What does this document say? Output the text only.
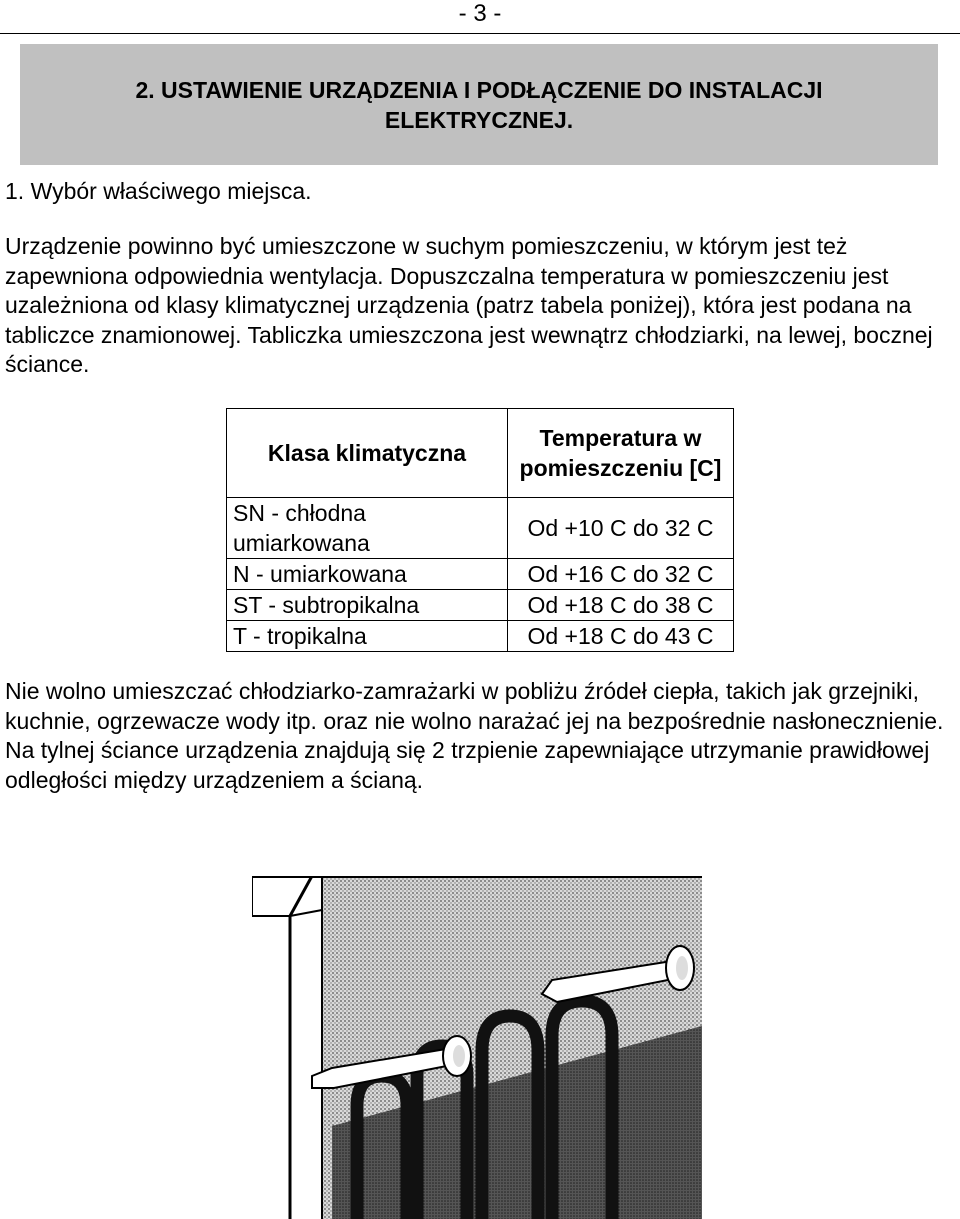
- 3 -
2. USTAWIENIE URZĄDZENIA I PODŁĄCZENIE DO INSTALACJI
ELEKTRYCZNEJ.
1. Wybór właściwego miejsca.
Urządzenie powinno być umieszczone w suchym pomieszczeniu, w którym jest też zapewniona odpowiednia wentylacja. Dopuszczalna temperatura w pomieszczeniu jest uzależniona od klasy klimatycznej urządzenia (patrz tabela poniżej), która jest podana na tabliczce znamionowej. Tabliczka umieszczona jest wewnątrz chłodziarki, na lewej, bocznej ściance.
Klasa klimatyczna	Temperatura w pomieszczeniu [C]
SN - chłodna umiarkowana	Od +10 C do 32 C
N - umiarkowana	Od +16 C do 32 C
ST - subtropikalna	Od +18 C do 38 C
T - tropikalna	Od +18 C do 43 C
Nie wolno umieszczać chłodziarko-zamrażarki w pobliżu źródeł ciepła, takich jak grzejniki, kuchnie, ogrzewacze wody itp. oraz nie wolno narażać jej na bezpośrednie nasłonecznienie. Na tylnej ściance urządzenia znajdują się 2 trzpienie zapewniające utrzymanie prawidłowej odległości między urządzeniem a ścianą.
